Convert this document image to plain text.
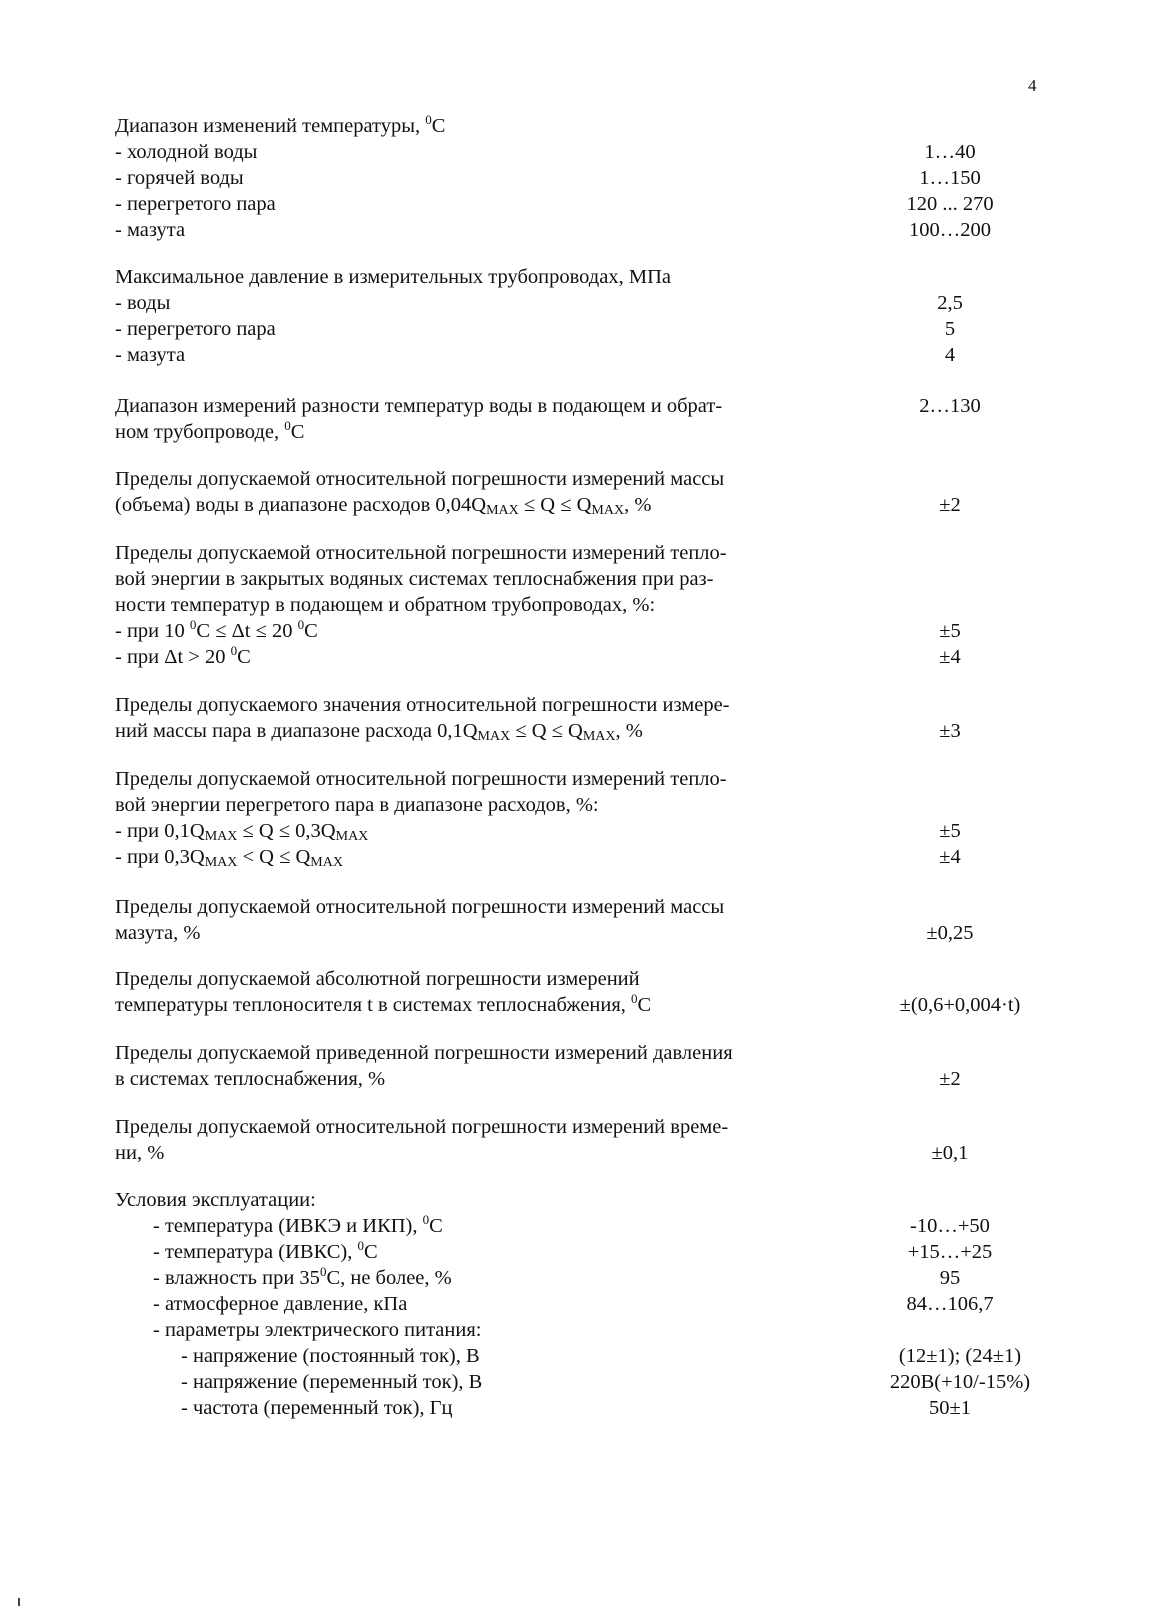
4
Диапазон изменений температуры, $^0$С
- холодной воды	1…40
- горячей воды	1…150
- перегретого пара	120 ... 270
- мазута	100…200
Максимальное давление в измерительных трубопроводах, МПа
- воды	2,5
- перегретого пара	5
- мазута	4
Диапазон измерений разности температур воды в подающем и обрат-	2…130
ном трубопроводе, $^0$С
Пределы допускаемой относительной погрешности измерений массы
(объема) воды в диапазоне расходов $0,04Q_{MAX} \le Q \le Q_{MAX}$, %	±2
Пределы допускаемой относительной погрешности измерений тепло-
вой энергии в закрытых водяных системах теплоснабжения при раз-
ности температур в подающем и обратном трубопроводах, %:
- при 10 $^0$С ≤ Δt ≤ 20 $^0$С	±5
- при Δt > 20 $^0$С	±4
Пределы допускаемого значения относительной погрешности измере-
ний массы пара в диапазоне расхода $0,1Q_{MAX} \le Q \le Q_{MAX}$, %	±3
Пределы допускаемой относительной погрешности измерений тепло-
вой энергии перегретого пара в диапазоне расходов, %:
- при $0,1Q_{MAX} \le Q \le 0,3Q_{MAX}$	±5
- при $0,3Q_{MAX} < Q \le Q_{MAX}$	±4
Пределы допускаемой относительной погрешности измерений массы
мазута, %	±0,25
Пределы допускаемой абсолютной погрешности измерений
температуры теплоносителя t в системах теплоснабжения, $^0$С	±(0,6+0,004·t)
Пределы допускаемой приведенной погрешности измерений давления
в системах теплоснабжения, %	±2
Пределы допускаемой относительной погрешности измерений време-
ни, %	±0,1
Условия эксплуатации:
- температура (ИВКЭ и ИКП), $^0$С	-10…+50
- температура (ИВКС), $^0$С	+15…+25
- влажность при $35^0С$, не более, %	95
- атмосферное давление, кПа	84…106,7
- параметры электрического питания:
- напряжение (постоянный ток), В	(12±1); (24±1)
- напряжение (переменный ток), В	220В(+10/-15%)
- частота (переменный ток), Гц	50±1
